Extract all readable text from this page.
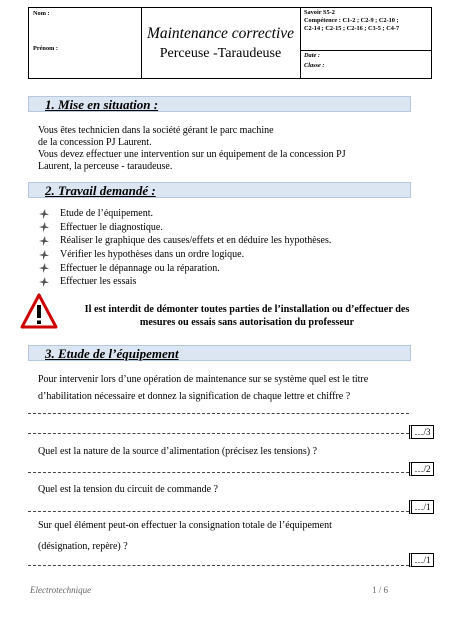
Nom :
Prénom :
Maintenance corrective
Perceuse -Taraudeuse
Savoir S5-2
Compétence : C1-2 ; C2-9 ; C2-10 ;
C2-14 ; C2-15 ; C2-16 ; C3-5 ; C4-7
Date :
Classe :
1. Mise en situation :
Vous êtes technicien dans la société gérant le parc machine
de la concession PJ Laurent.
Vous devez effectuer une intervention sur un équipement de la concession PJ
Laurent, la perceuse - taraudeuse.
2. Travail demandé :
Etude de l’équipement.
Effectuer le diagnostique.
Réaliser le graphique des causes/effets et en déduire les hypothèses.
Vérifier les hypothèses dans un ordre logique.
Effectuer le dépannage ou la réparation.
Effectuer les essais
Il est interdit de démonter toutes parties de l’installation ou d’effectuer des
mesures ou essais sans autorisation du professeur
3. Etude de l’équipement
Pour intervenir lors d’une opération de maintenance sur se système quel est le titre
d’habilitation nécessaire et donnez la signification de chaque lettre et chiffre ?
…/3
Quel est la nature de la source d’alimentation (précisez les tensions) ?
…/2
Quel est la tension du circuit de commande ?
…/1
Sur quel élément peut-on effectuer la consignation totale de l’équipement
(désignation, repère) ?
…/1
Electrotechnique	1 / 6
